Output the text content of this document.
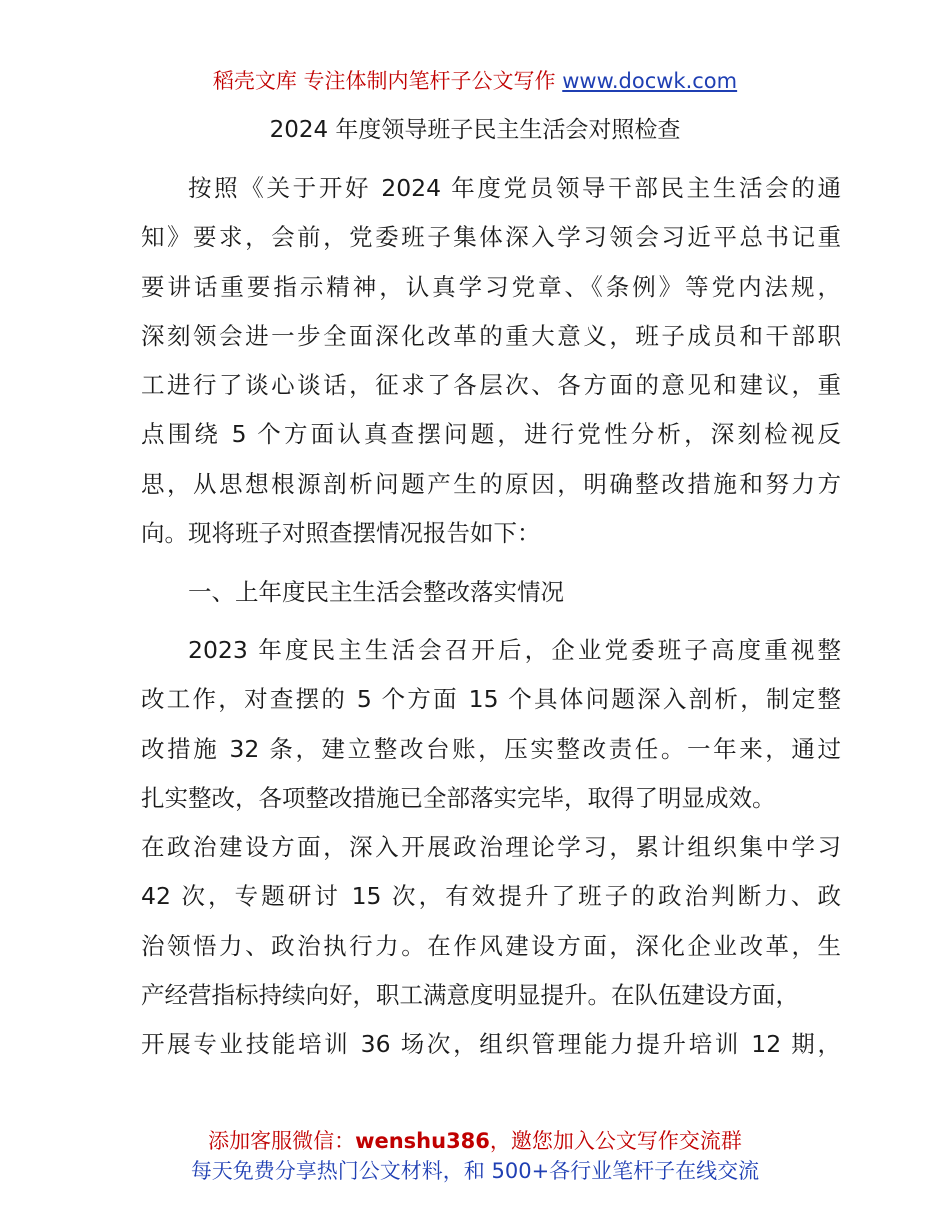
稻壳文库 专注体制内笔杆子公文写作 www.docwk.com
2024 年度领导班子民主生活会对照检查
按照《关于开好 2024 年度党员领导干部民主生活会的通
知》要求，会前，党委班子集体深入学习领会习近平总书记重
要讲话重要指示精神，认真学习党章、《条例》等党内法规，
深刻领会进一步全面深化改革的重大意义，班子成员和干部职
工进行了谈心谈话，征求了各层次、各方面的意见和建议，重
点围绕 5 个方面认真查摆问题，进行党性分析，深刻检视反
思，从思想根源剖析问题产生的原因，明确整改措施和努力方
向。现将班子对照查摆情况报告如下：
一、上年度民主生活会整改落实情况
2023 年度民主生活会召开后，企业党委班子高度重视整
改工作，对查摆的 5 个方面 15 个具体问题深入剖析，制定整
改措施 32 条，建立整改台账，压实整改责任。一年来，通过
扎实整改，各项整改措施已全部落实完毕，取得了明显成效。
在政治建设方面，深入开展政治理论学习，累计组织集中学习
42 次，专题研讨 15 次，有效提升了班子的政治判断力、政
治领悟力、政治执行力。在作风建设方面，深化企业改革，生
产经营指标持续向好，职工满意度明显提升。在队伍建设方面，
开展专业技能培训 36 场次，组织管理能力提升培训 12 期，
添加客服微信：wenshu386，邀您加入公文写作交流群
每天免费分享热门公文材料，和 500+各行业笔杆子在线交流
